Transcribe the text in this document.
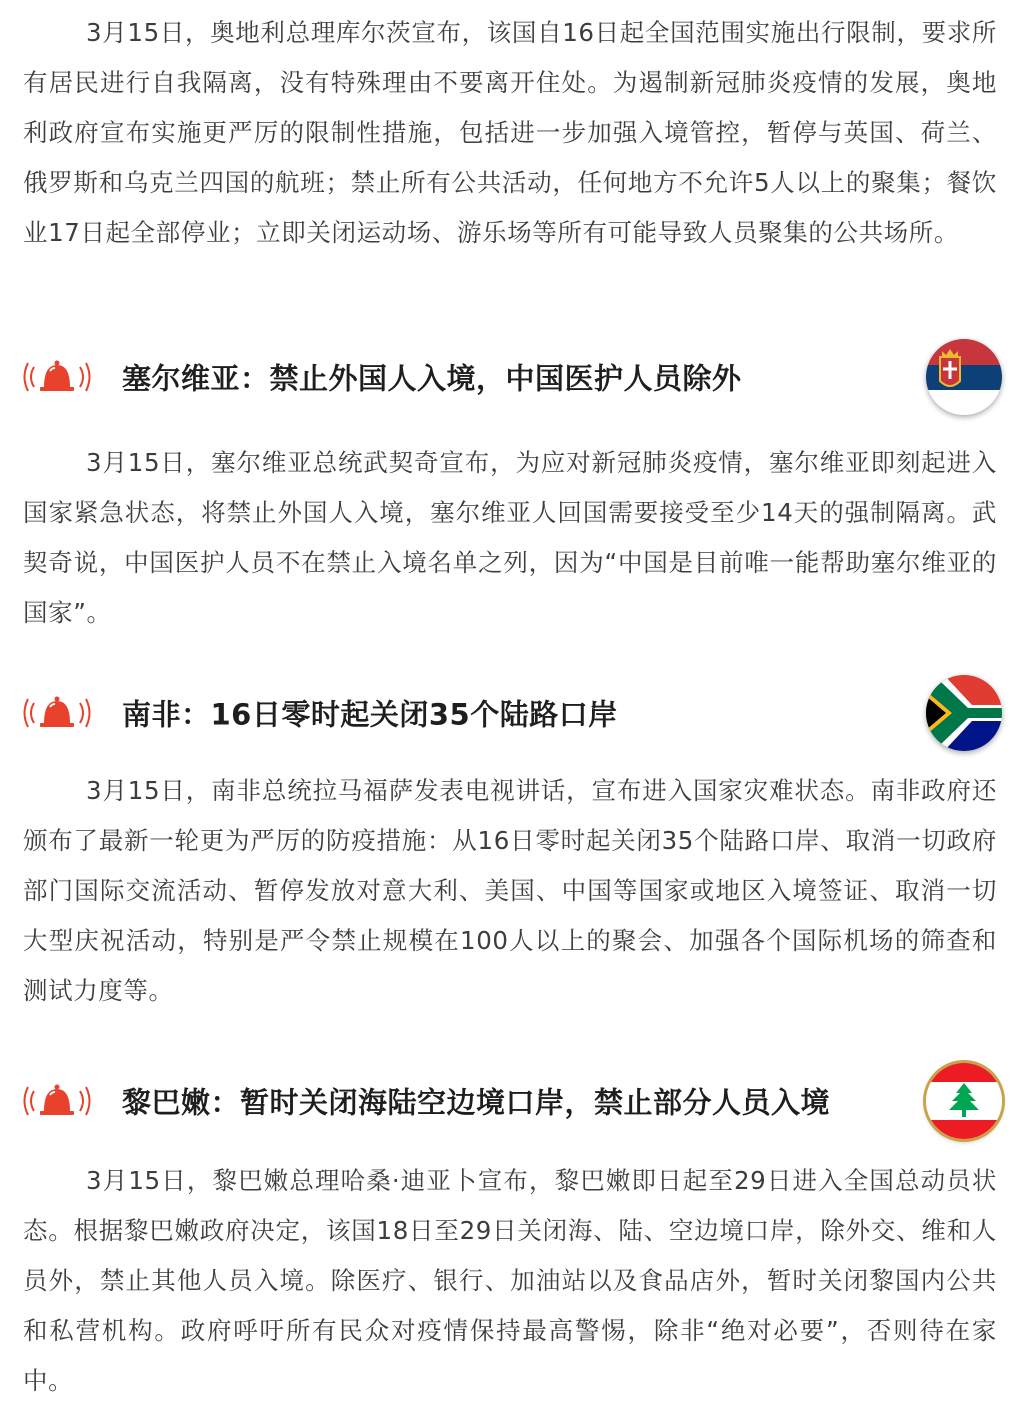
3月15日，奥地利总理库尔茨宣布，该国自16日起全国范围实施出行限制，要求所有居民进行自我隔离，没有特殊理由不要离开住处。为遏制新冠肺炎疫情的发展，奥地利政府宣布实施更严厉的限制性措施，包括进一步加强入境管控，暂停与英国、荷兰、俄罗斯和乌克兰四国的航班；禁止所有公共活动，任何地方不允许5人以上的聚集；餐饮业17日起全部停业；立即关闭运动场、游乐场等所有可能导致人员聚集的公共场所。

塞尔维亚：禁止外国人入境，中国医护人员除外

3月15日，塞尔维亚总统武契奇宣布，为应对新冠肺炎疫情，塞尔维亚即刻起进入国家紧急状态，将禁止外国人入境，塞尔维亚人回国需要接受至少14天的强制隔离。武契奇说，中国医护人员不在禁止入境名单之列，因为“中国是目前唯一能帮助塞尔维亚的国家”。

南非：16日零时起关闭35个陆路口岸

3月15日，南非总统拉马福萨发表电视讲话，宣布进入国家灾难状态。南非政府还颁布了最新一轮更为严厉的防疫措施：从16日零时起关闭35个陆路口岸、取消一切政府部门国际交流活动、暂停发放对意大利、美国、中国等国家或地区入境签证、取消一切大型庆祝活动，特别是严令禁止规模在100人以上的聚会、加强各个国际机场的筛查和测试力度等。

黎巴嫩：暂时关闭海陆空边境口岸，禁止部分人员入境

3月15日，黎巴嫩总理哈桑·迪亚卜宣布，黎巴嫩即日起至29日进入全国总动员状态。根据黎巴嫩政府决定，该国18日至29日关闭海、陆、空边境口岸，除外交、维和人员外，禁止其他人员入境。除医疗、银行、加油站以及食品店外，暂时关闭黎国内公共和私营机构。政府呼吁所有民众对疫情保持最高警惕，除非“绝对必要”，否则待在家中。
